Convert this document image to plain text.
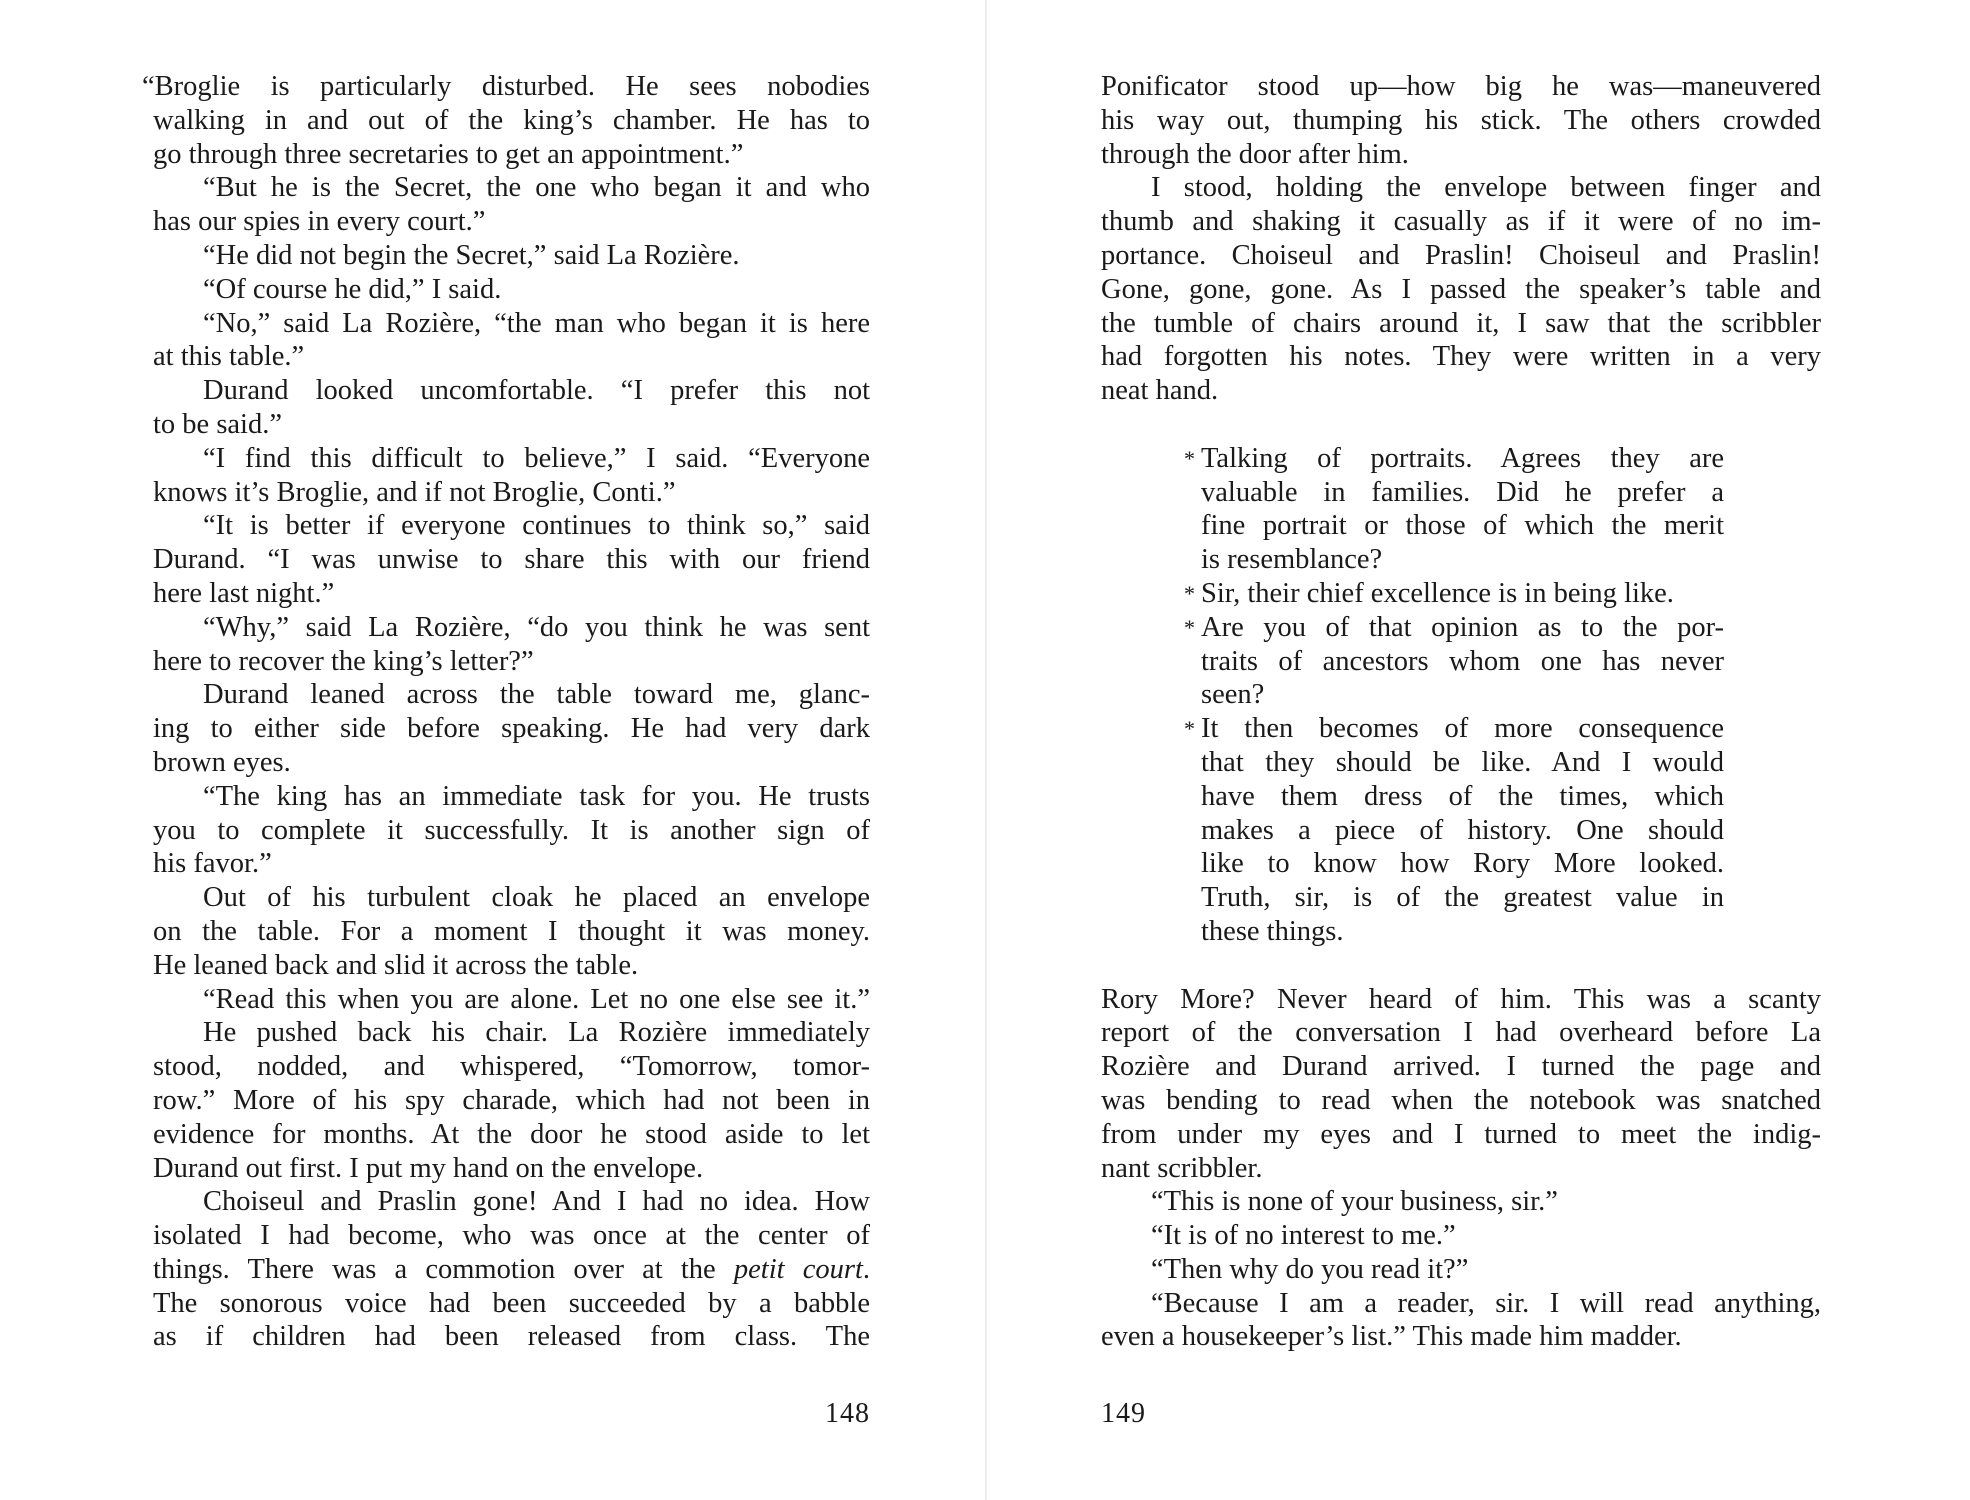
“Broglie is particularly disturbed. He sees nobodies
walking in and out of the king’s chamber. He has to
go through three secretaries to get an appointment.”
“But he is the Secret, the one who began it and who
has our spies in every court.”
“He did not begin the Secret,” said La Rozière.
“Of course he did,” I said.
“No,” said La Rozière, “the man who began it is here
at this table.”
Durand looked uncomfortable. “I prefer this not
to be said.”
“I find this difficult to believe,” I said. “Everyone
knows it’s Broglie, and if not Broglie, Conti.”
“It is better if everyone continues to think so,” said
Durand. “I was unwise to share this with our friend
here last night.”
“Why,” said La Rozière, “do you think he was sent
here to recover the king’s letter?”
Durand leaned across the table toward me, glanc-
ing to either side before speaking. He had very dark
brown eyes.
“The king has an immediate task for you. He trusts
you to complete it successfully. It is another sign of
his favor.”
Out of his turbulent cloak he placed an envelope
on the table. For a moment I thought it was money.
He leaned back and slid it across the table.
“Read this when you are alone. Let no one else see it.”
He pushed back his chair. La Rozière immediately
stood, nodded, and whispered, “Tomorrow, tomor-
row.” More of his spy charade, which had not been in
evidence for months. At the door he stood aside to let
Durand out first. I put my hand on the envelope.
Choiseul and Praslin gone! And I had no idea. How
isolated I had become, who was once at the center of
things. There was a commotion over at the petit court.
The sonorous voice had been succeeded by a babble
as if children had been released from class. The
148
Ponificator stood up—how big he was—maneuvered
his way out, thumping his stick. The others crowded
through the door after him.
I stood, holding the envelope between finger and
thumb and shaking it casually as if it were of no im-
portance. Choiseul and Praslin! Choiseul and Praslin!
Gone, gone, gone. As I passed the speaker’s table and
the tumble of chairs around it, I saw that the scribbler
had forgotten his notes. They were written in a very
neat hand.
* Talking of portraits. Agrees they are
valuable in families. Did he prefer a
fine portrait or those of which the merit
is resemblance?
* Sir, their chief excellence is in being like.
* Are you of that opinion as to the por-
traits of ancestors whom one has never
seen?
* It then becomes of more consequence
that they should be like. And I would
have them dress of the times, which
makes a piece of history. One should
like to know how Rory More looked.
Truth, sir, is of the greatest value in
these things.
Rory More? Never heard of him. This was a scanty
report of the conversation I had overheard before La
Rozière and Durand arrived. I turned the page and
was bending to read when the notebook was snatched
from under my eyes and I turned to meet the indig-
nant scribbler.
“This is none of your business, sir.”
“It is of no interest to me.”
“Then why do you read it?”
“Because I am a reader, sir. I will read anything,
even a housekeeper’s list.” This made him madder.
149
